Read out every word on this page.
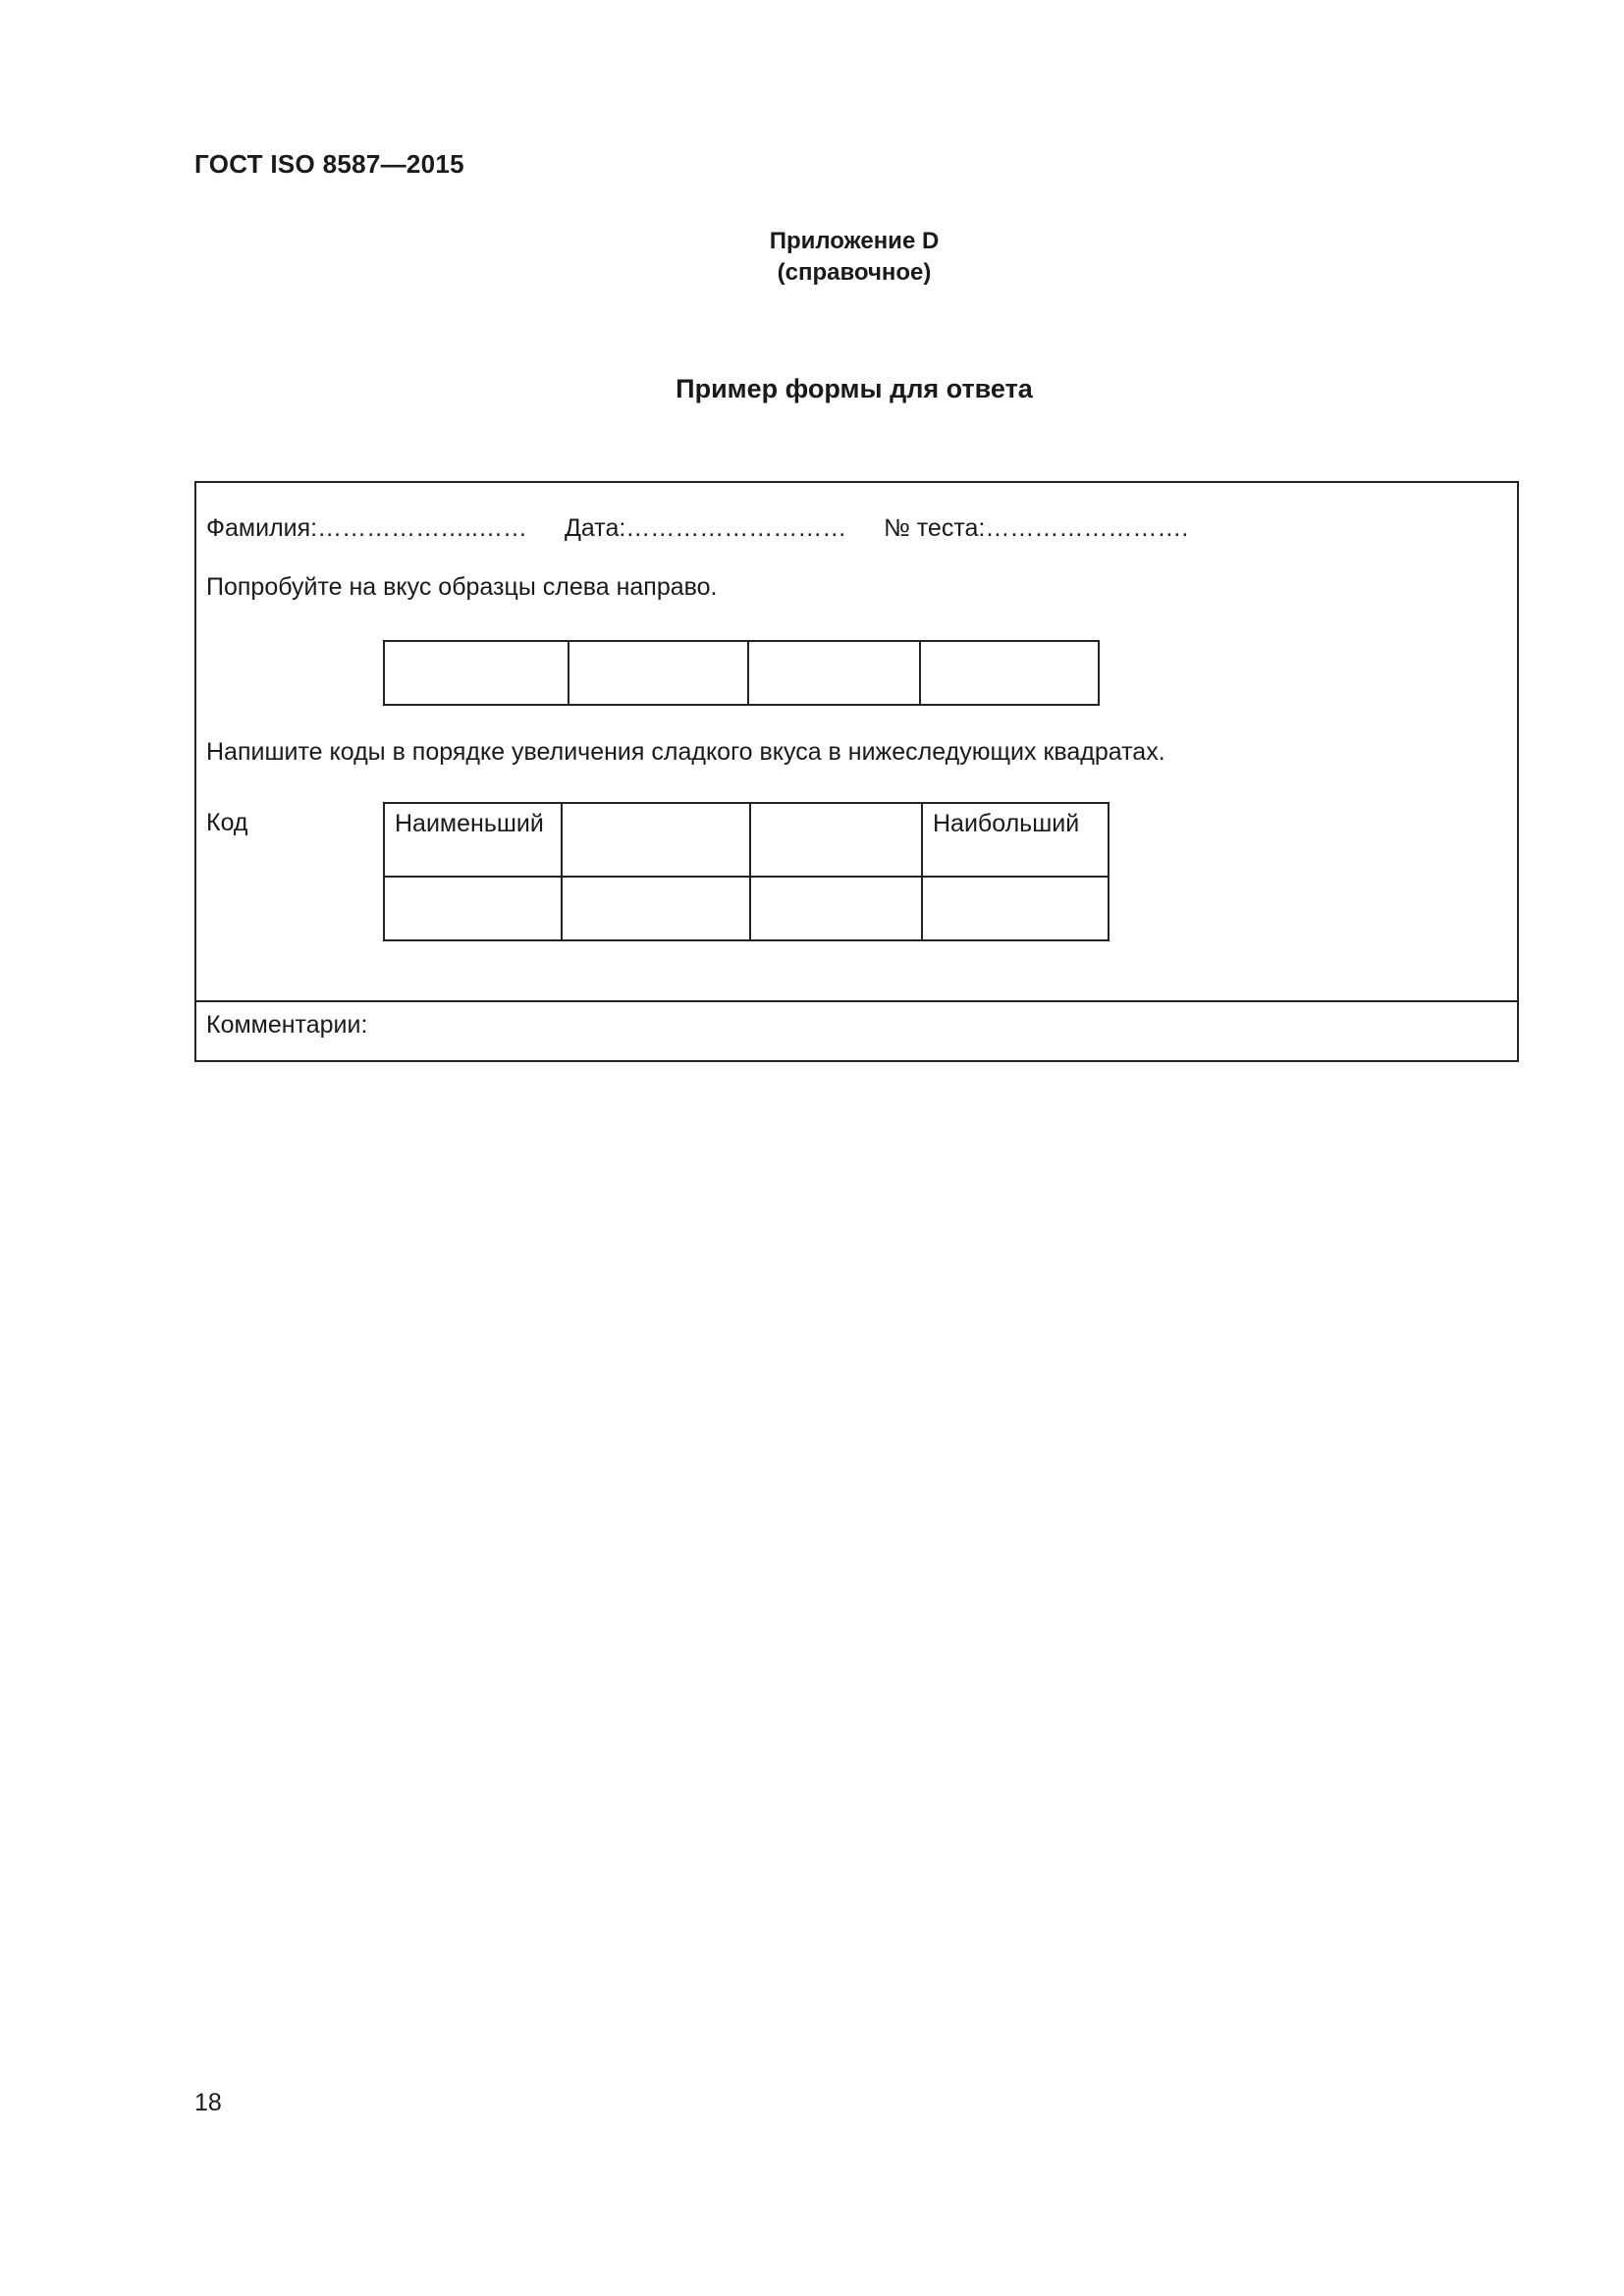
ГОСТ ISO 8587—2015
Приложение D
(справочное)
Пример формы для ответа
Фамилия:………………..…… Дата:……………………… № теста:…………………….
Попробуйте на вкус образцы слева направо.
Напишите коды в порядке увеличения сладкого вкуса в нижеследующих квадратах.
Код	Наименьший	Наибольший
Комментарии:
18
